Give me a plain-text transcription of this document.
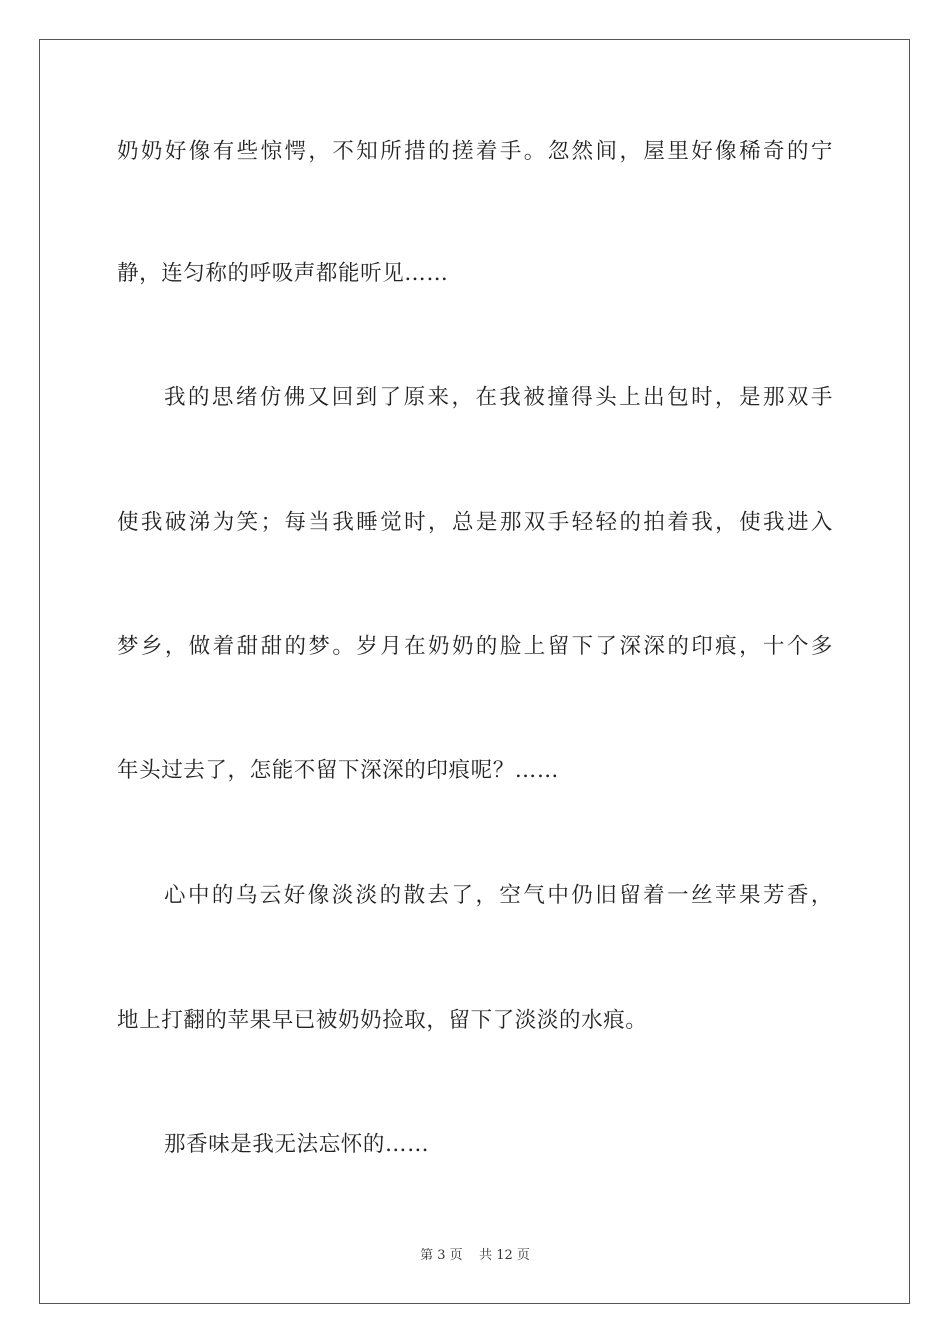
奶奶好像有些惊愕，不知所措的搓着手。忽然间，屋里好像稀奇的宁

静，连匀称的呼吸声都能听见……

我的思绪仿佛又回到了原来，在我被撞得头上出包时，是那双手

使我破涕为笑；每当我睡觉时，总是那双手轻轻的拍着我，使我进入

梦乡，做着甜甜的梦。岁月在奶奶的脸上留下了深深的印痕，十个多

年头过去了，怎能不留下深深的印痕呢？……

心中的乌云好像淡淡的散去了，空气中仍旧留着一丝苹果芳香，

地上打翻的苹果早已被奶奶捡取，留下了淡淡的水痕。

那香味是我无法忘怀的……

第 3 页    共 12 页
